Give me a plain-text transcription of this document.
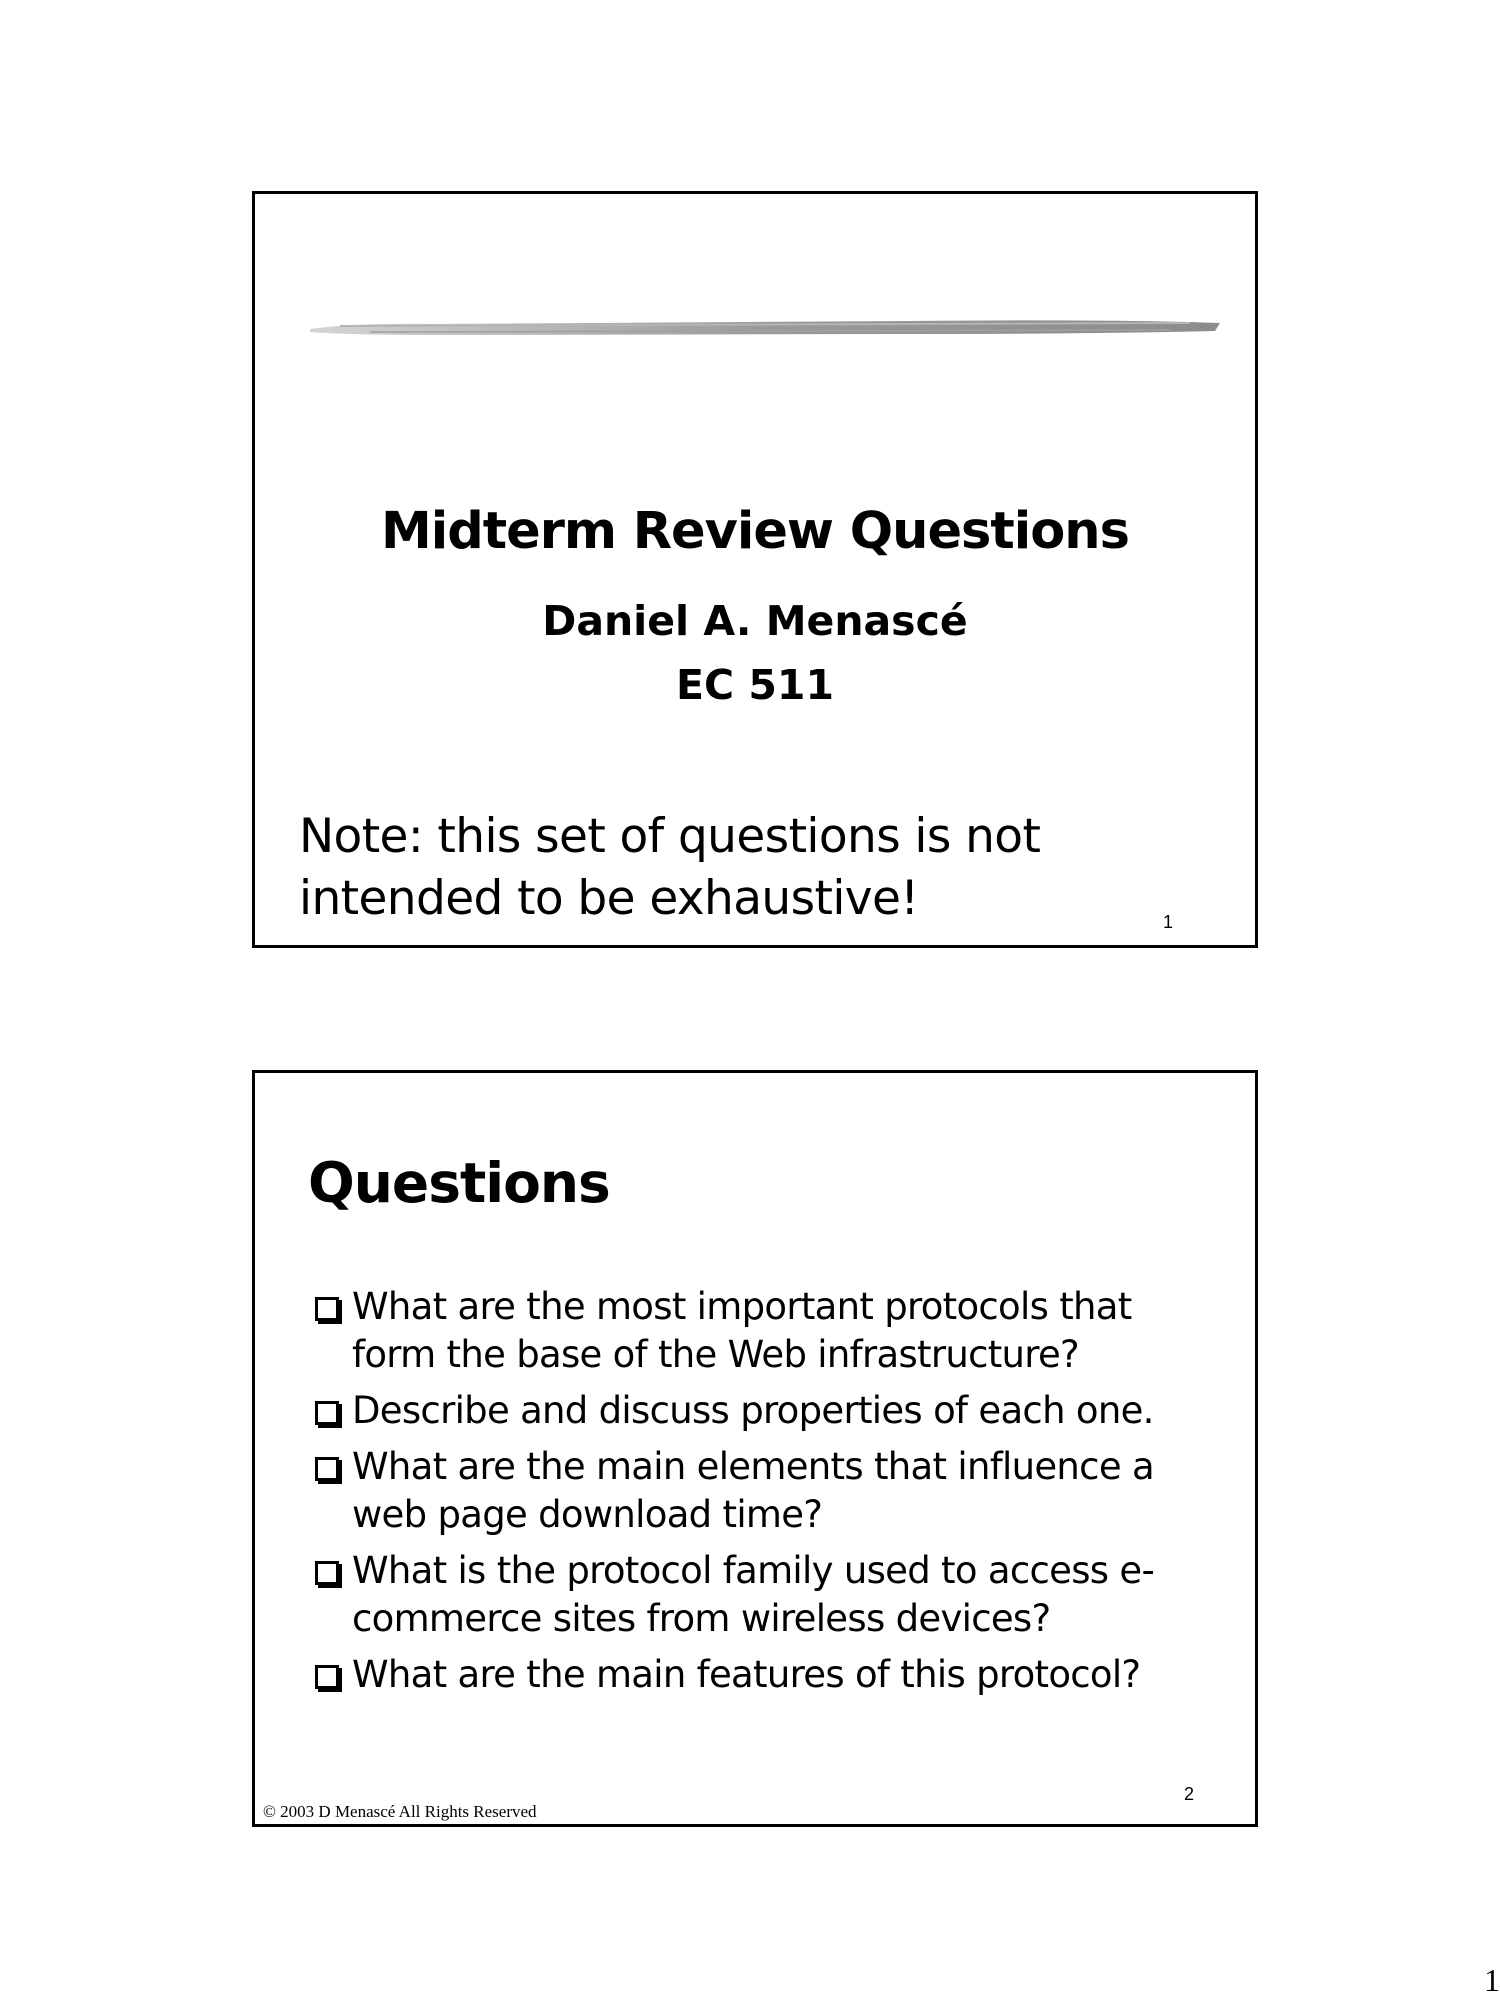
Midterm Review Questions
Daniel A. Menascé
EC 511
Note: this set of questions is not intended to be exhaustive!	1
Questions
What are the most important protocols that form the base of the Web infrastructure?
Describe and discuss properties of each one.
What are the main elements that influence a web page download time?
What is the protocol family used to access e-commerce sites from wireless devices?
What are the main features of this protocol?
2
© 2003 D Menascé All Rights Reserved
1
